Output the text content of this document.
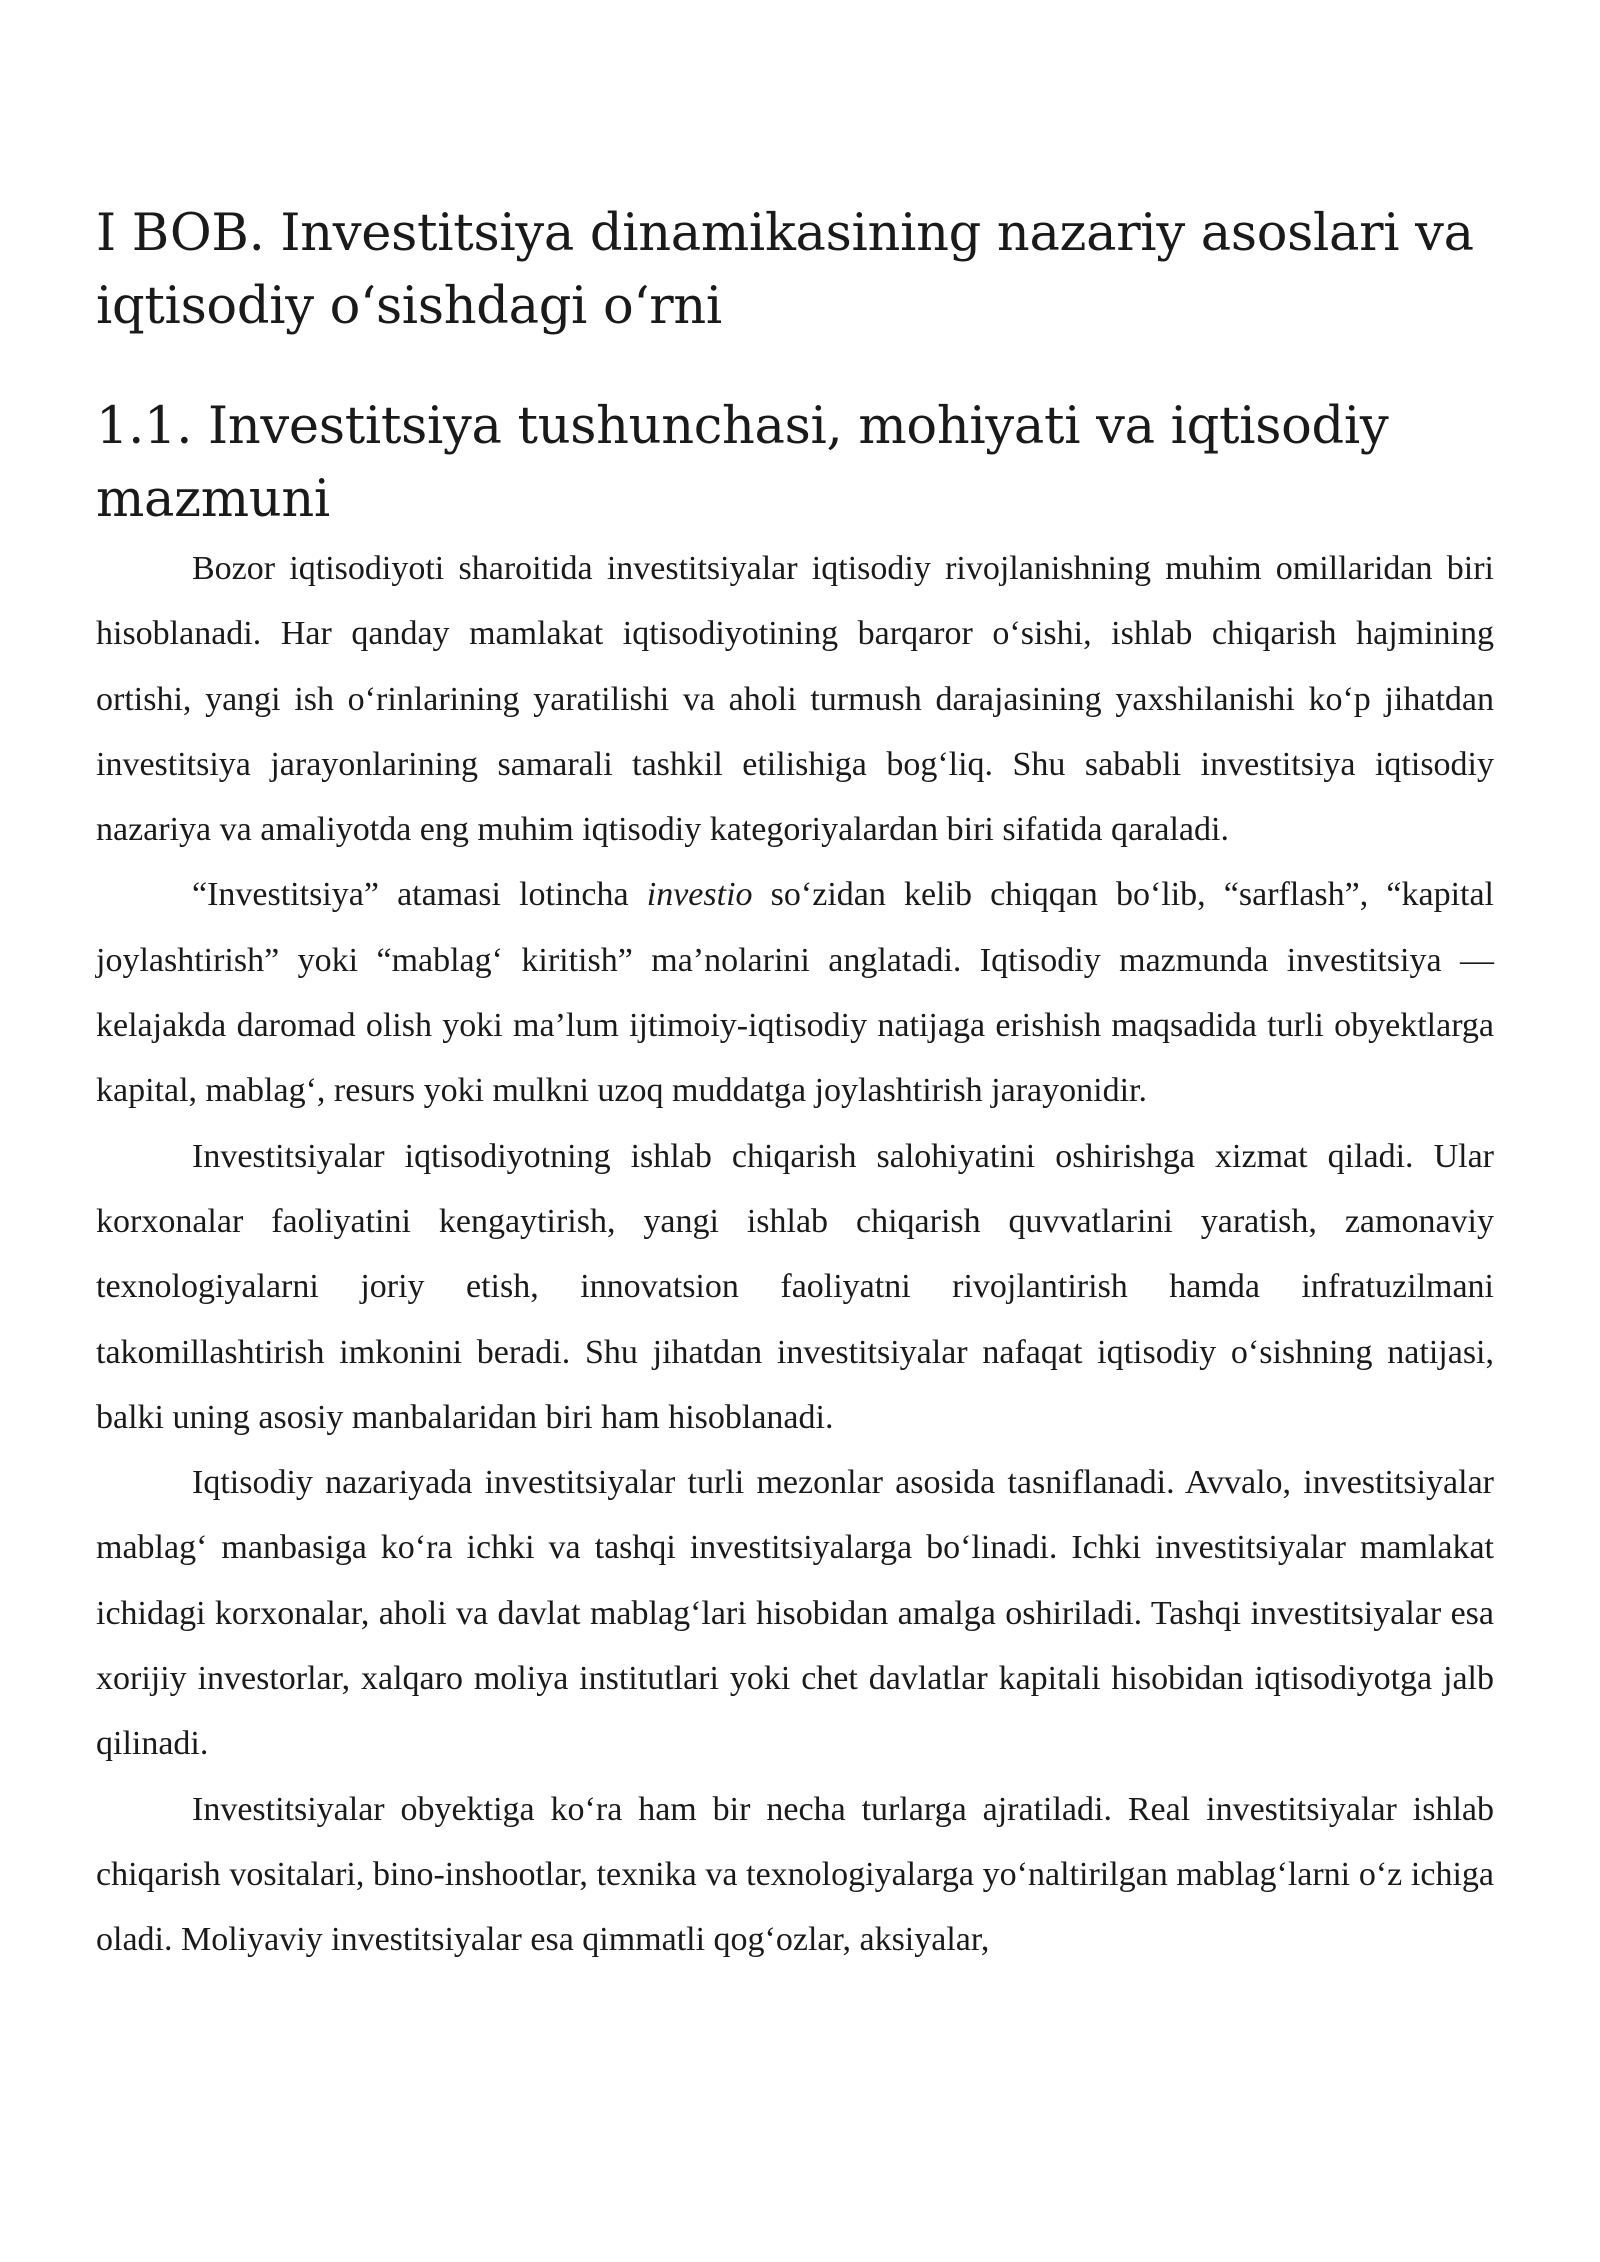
I BOB. Investitsiya dinamikasining nazariy asoslari va iqtisodiy o‘sishdagi o‘rni
1.1. Investitsiya tushunchasi, mohiyati va iqtisodiy mazmuni

Bozor iqtisodiyoti sharoitida investitsiyalar iqtisodiy rivojlanishning muhim omillaridan biri hisoblanadi. Har qanday mamlakat iqtisodiyotining barqaror o‘sishi, ishlab chiqarish hajmining ortishi, yangi ish o‘rinlarining yaratilishi va aholi turmush darajasining yaxshilanishi ko‘p jihatdan investitsiya jarayonlarining samarali tashkil etilishiga bog‘liq. Shu sababli investitsiya iqtisodiy nazariya va amaliyotda eng muhim iqtisodiy kategoriyalardan biri sifatida qaraladi.

“Investitsiya” atamasi lotincha investio so‘zidan kelib chiqqan bo‘lib, “sarflash”, “kapital joylashtirish” yoki “mablag‘ kiritish” ma’nolarini anglatadi. Iqtisodiy mazmunda investitsiya — kelajakda daromad olish yoki ma’lum ijtimoiy-iqtisodiy natijaga erishish maqsadida turli obyektlarga kapital, mablag‘, resurs yoki mulkni uzoq muddatga joylashtirish jarayonidir.

Investitsiyalar iqtisodiyotning ishlab chiqarish salohiyatini oshirishga xizmat qiladi. Ular korxonalar faoliyatini kengaytirish, yangi ishlab chiqarish quvvatlarini yaratish, zamonaviy texnologiyalarni joriy etish, innovatsion faoliyatni rivojlantirish hamda infratuzilmani takomillashtirish imkonini beradi. Shu jihatdan investitsiyalar nafaqat iqtisodiy o‘sishning natijasi, balki uning asosiy manbalaridan biri ham hisoblanadi.

Iqtisodiy nazariyada investitsiyalar turli mezonlar asosida tasniflanadi. Avvalo, investitsiyalar mablag‘ manbasiga ko‘ra ichki va tashqi investitsiyalarga bo‘linadi. Ichki investitsiyalar mamlakat ichidagi korxonalar, aholi va davlat mablag‘lari hisobidan amalga oshiriladi. Tashqi investitsiyalar esa xorijiy investorlar, xalqaro moliya institutlari yoki chet davlatlar kapitali hisobidan iqtisodiyotga jalb qilinadi.

Investitsiyalar obyektiga ko‘ra ham bir necha turlarga ajratiladi. Real investitsiyalar ishlab chiqarish vositalari, bino-inshootlar, texnika va texnologiyalarga yo‘naltirilgan mablag‘larni o‘z ichiga oladi. Moliyaviy investitsiyalar esa qimmatli qog‘ozlar, aksiyalar,
